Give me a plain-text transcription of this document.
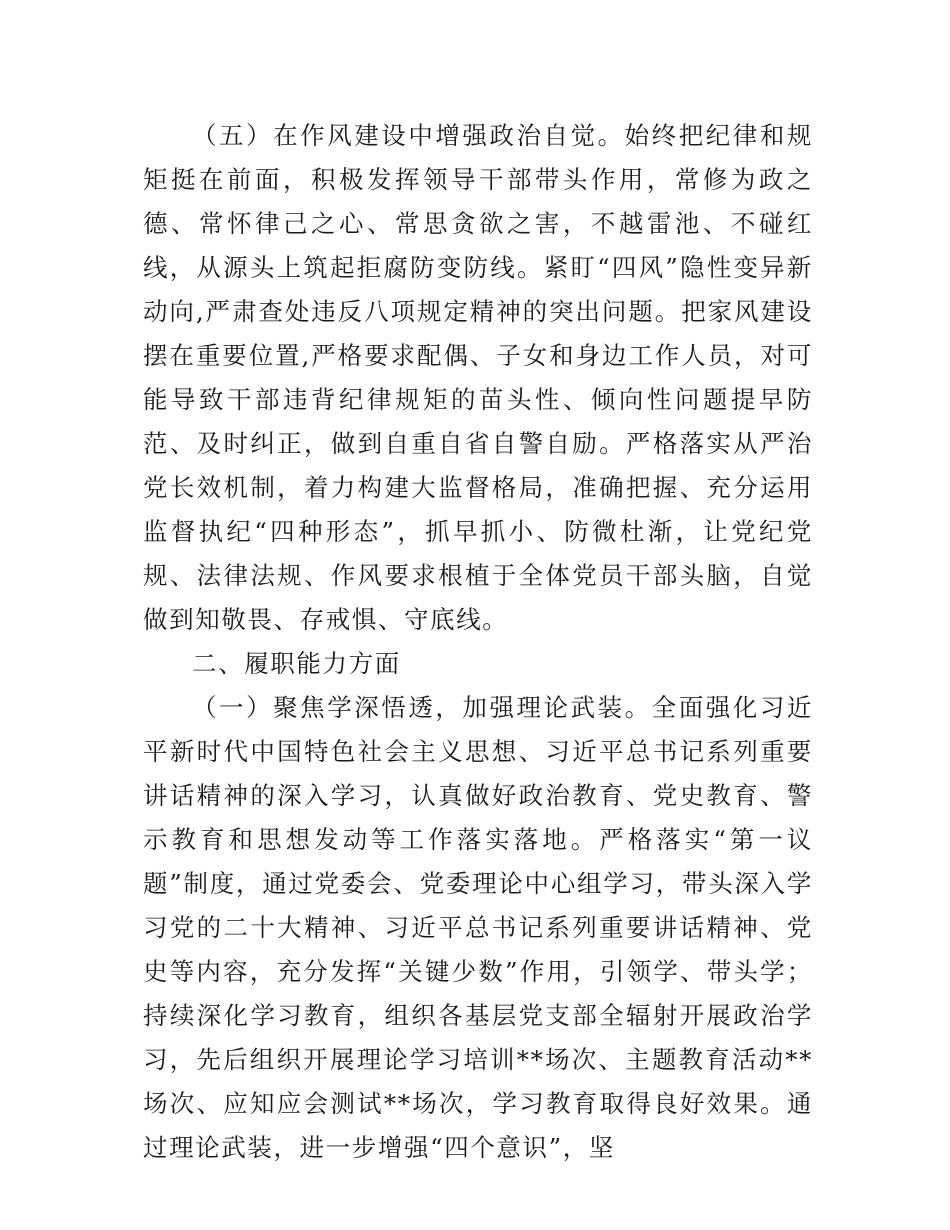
（五）在作风建设中增强政治自觉。始终把纪律和规矩挺在前面，积极发挥领导干部带头作用，常修为政之德、常怀律己之心、常思贪欲之害，不越雷池、不碰红线，从源头上筑起拒腐防变防线。紧盯“四风”隐性变异新动向,严肃查处违反八项规定精神的突出问题。把家风建设摆在重要位置,严格要求配偶、子女和身边工作人员，对可能导致干部违背纪律规矩的苗头性、倾向性问题提早防范、及时纠正，做到自重自省自警自励。严格落实从严治党长效机制，着力构建大监督格局，准确把握、充分运用监督执纪“四种形态”，抓早抓小、防微杜渐，让党纪党规、法律法规、作风要求根植于全体党员干部头脑，自觉做到知敬畏、存戒惧、守底线。

二、履职能力方面

（一）聚焦学深悟透，加强理论武装。全面强化习近平新时代中国特色社会主义思想、习近平总书记系列重要讲话精神的深入学习，认真做好政治教育、党史教育、警示教育和思想发动等工作落实落地。严格落实“第一议题”制度，通过党委会、党委理论中心组学习，带头深入学习党的二十大精神、习近平总书记系列重要讲话精神、党史等内容，充分发挥“关键少数”作用，引领学、带头学；持续深化学习教育，组织各基层党支部全辐射开展政治学习，先后组织开展理论学习培训**场次、主题教育活动**场次、应知应会测试**场次，学习教育取得良好效果。通过理论武装，进一步增强“四个意识”，坚
